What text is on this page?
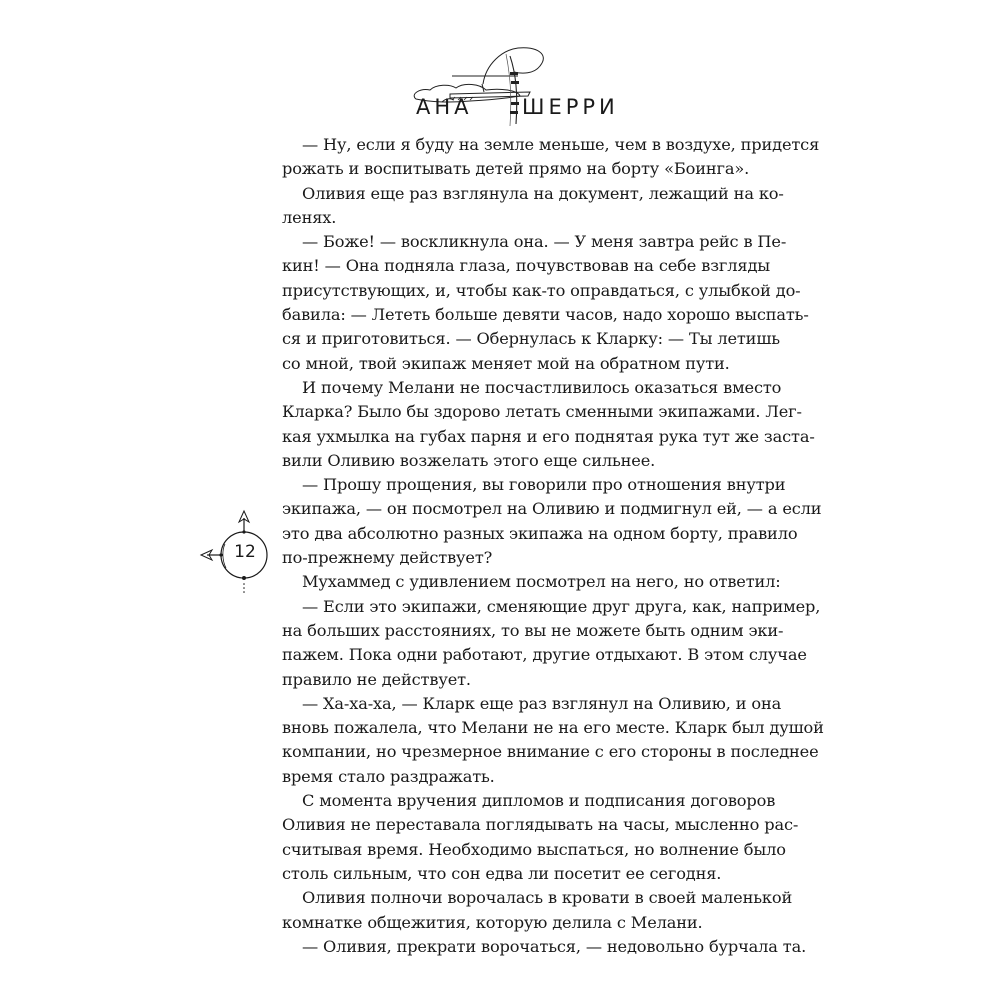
АНА ШЕРРИ
12
— Ну, если я буду на земле меньше, чем в воздухе, придется
рожать и воспитывать детей прямо на борту «Боинга».
Оливия еще раз взглянула на документ, лежащий на ко-
ленях.
— Боже! — воскликнула она. — У меня завтра рейс в Пе-
кин! — Она подняла глаза, почувствовав на себе взгляды
присутствующих, и, чтобы как-то оправдаться, с улыбкой до-
бавила: — Лететь больше девяти часов, надо хорошо выспать-
ся и приготовиться. — Обернулась к Кларку: — Ты летишь
со мной, твой экипаж меняет мой на обратном пути.
И почему Мелани не посчастливилось оказаться вместо
Кларка? Было бы здорово летать сменными экипажами. Лег-
кая ухмылка на губах парня и его поднятая рука тут же заста-
вили Оливию возжелать этого еще сильнее.
— Прошу прощения, вы говорили про отношения внутри
экипажа, — он посмотрел на Оливию и подмигнул ей, — а если
это два абсолютно разных экипажа на одном борту, правило
по-прежнему действует?
Мухаммед с удивлением посмотрел на него, но ответил:
— Если это экипажи, сменяющие друг друга, как, например,
на больших расстояниях, то вы не можете быть одним эки-
пажем. Пока одни работают, другие отдыхают. В этом случае
правило не действует.
— Ха-ха-ха, — Кларк еще раз взглянул на Оливию, и она
вновь пожалела, что Мелани не на его месте. Кларк был душой
компании, но чрезмерное внимание с его стороны в последнее
время стало раздражать.
С момента вручения дипломов и подписания договоров
Оливия не переставала поглядывать на часы, мысленно рас-
считывая время. Необходимо выспаться, но волнение было
столь сильным, что сон едва ли посетит ее сегодня.
Оливия полночи ворочалась в кровати в своей маленькой
комнатке общежития, которую делила с Мелани.
— Оливия, прекрати ворочаться, — недовольно бурчала та.
